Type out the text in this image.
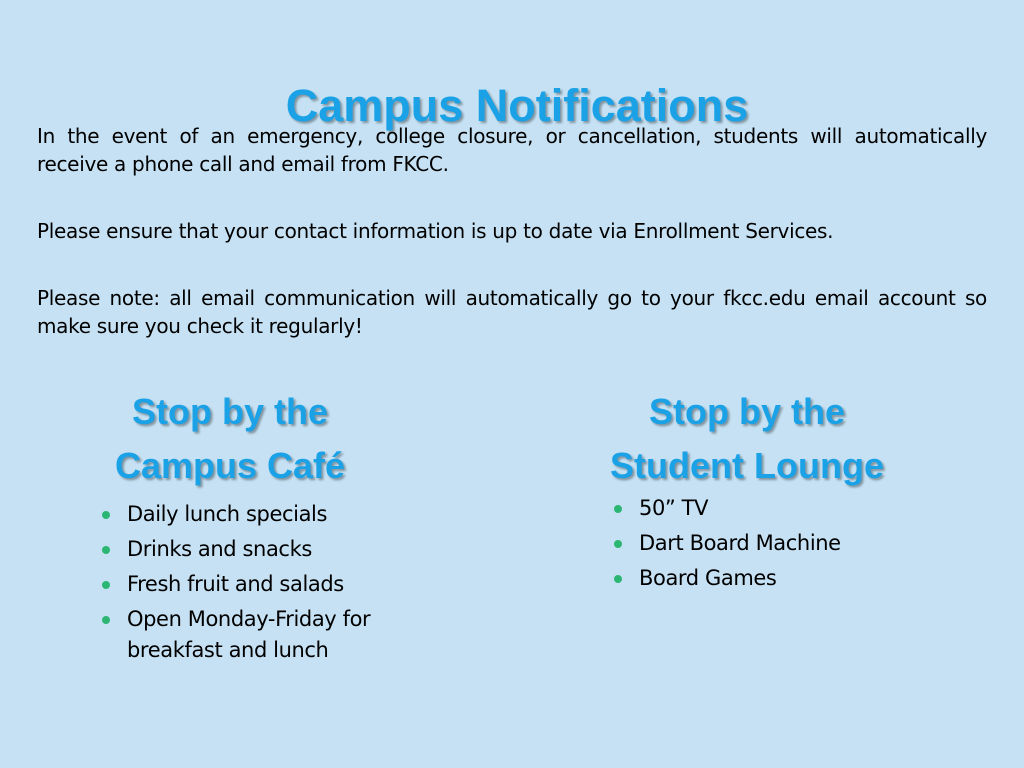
Campus Notifications

In the event of an emergency, college closure, or cancellation, students will automatically receive a phone call and email from FKCC.

Please ensure that your contact information is up to date via Enrollment Services.

Please note: all email communication will automatically go to your fkcc.edu email account so make sure you check it regularly!

Stop by the
Campus Café
Daily lunch specials
Drinks and snacks
Fresh fruit and salads
Open Monday-Friday for breakfast and lunch
Stop by the
Student Lounge
50” TV
Dart Board Machine
Board Games
